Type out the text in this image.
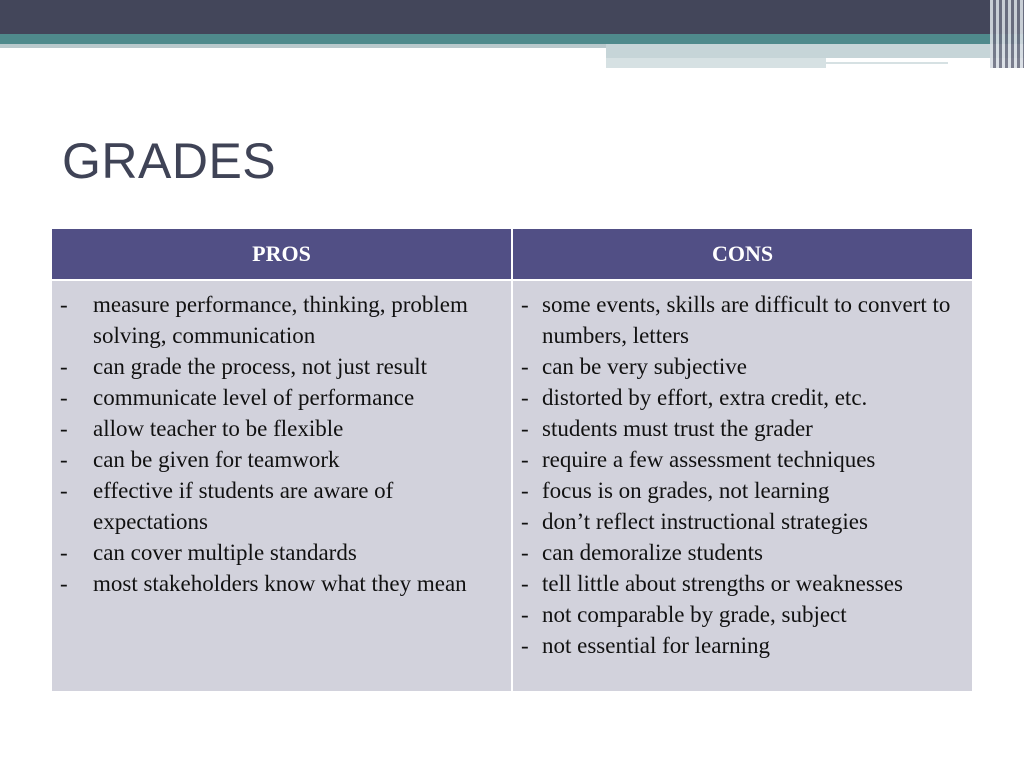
GRADES
PROS	CONS
- measure performance, thinking, problem solving, communication
- can grade the process, not just result
- communicate level of performance
- allow teacher to be flexible
- can be given for teamwork
- effective if students are aware of expectations
- can cover multiple standards
- most stakeholders know what they mean
- some events, skills are difficult to convert to numbers, letters
- can be very subjective
- distorted by effort, extra credit, etc.
- students must trust the grader
- require a few assessment techniques
- focus is on grades, not learning
- don’t reflect instructional strategies
- can demoralize students
- tell little about strengths or weaknesses
- not comparable by grade, subject
- not essential for learning
